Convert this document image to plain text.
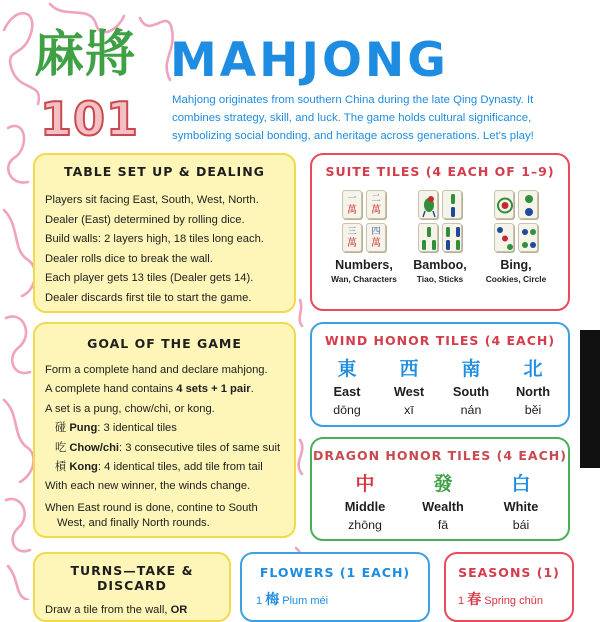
麻將 MAHJONG
101	Mahjong originates from southern China during the late Qing Dynasty. It combines strategy, skill, and luck. The game holds cultural significance, symbolizing social bonding, and heritage across generations. Let's play!

TABLE SET UP & DEALING
Players sit facing East, South, West, North.
Dealer (East) determined by rolling dice.
Build walls: 2 layers high, 18 tiles long each.
Dealer rolls dice to break the wall.
Each player gets 13 tiles (Dealer gets 14).
Dealer discards first tile to start the game.
GOAL OF THE GAME
Form a complete hand and declare mahjong.
A complete hand contains 4 sets + 1 pair.
A set is a pung, chow/chi, or kong.
碰 Pung: 3 identical tiles
吃 Chow/chi: 3 consecutive tiles of same suit
槓 Kong: 4 identical tiles, add tile from tail
With each new winner, the winds change.
When East round is done, contine to South
West, and finally North rounds.
TURNS—TAKE & DISCARD
Draw a tile from the wall, OR
SUITE TILES (4 EACH OF 1–9)
一
萬
二
萬
三
萬
四
萬

Numbers,

Wan, Characters

Bamboo,

Tiao, Sticks

Bing,

Cookies, Circle

WIND HONOR TILES (4 EACH)

東

East

dōng

西

West

xī

南

South

nán

北

North

běi

DRAGON HONOR TILES (4 EACH)

中

Middle

zhōng

發

Wealth

fā

白

White

bái

FLOWERS (1 EACH)
1 梅 Plum méi
SEASONS (1)
1 春 Spring chūn
